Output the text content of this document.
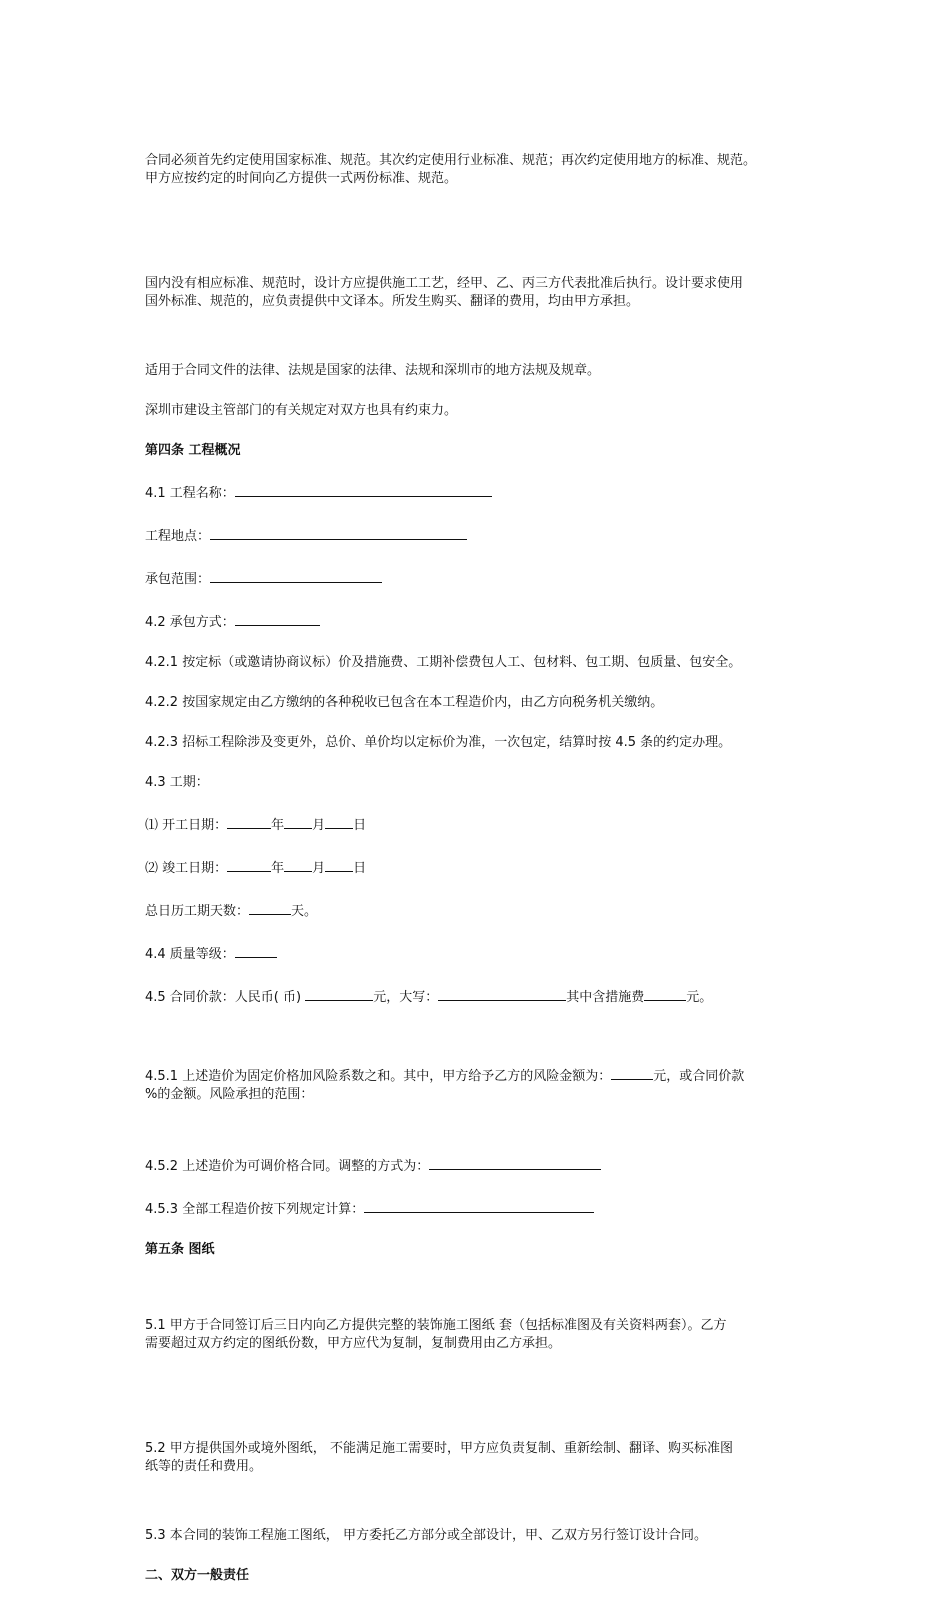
合同必须首先约定使用国家标准、规范。其次约定使用行业标准、规范；再次约定使用地方的标准、规范。
甲方应按约定的时间向乙方提供一式两份标准、规范。

国内没有相应标准、规范时，设计方应提供施工工艺，经甲、乙、丙三方代表批准后执行。设计要求使用
国外标准、规范的，应负责提供中文译本。所发生购买、翻译的费用，均由甲方承担。

适用于合同文件的法律、法规是国家的法律、法规和深圳市的地方法规及规章。

深圳市建设主管部门的有关规定对双方也具有约束力。

第四条 工程概况

4.1 工程名称：

工程地点：

承包范围：

4.2 承包方式：

4.2.1 按定标（或邀请协商议标）价及措施费、工期补偿费包人工、包材料、包工期、包质量、包安全。

4.2.2 按国家规定由乙方缴纳的各种税收已包含在本工程造价内，由乙方向税务机关缴纳。

4.2.3 招标工程除涉及变更外，总价、单价均以定标价为准，一次包定，结算时按 4.5 条的约定办理。

4.3 工期：

⑴ 开工日期：	年 月 日

⑵ 竣工日期：	年 月 日

总日历工期天数：	天。

4.4 质量等级：

4.5 合同价款：人民币( 币)	元，大写：	其中含措施费	元。

4.5.1 上述造价为固定价格加风险系数之和。其中，甲方给予乙方的风险金额为：	元，或合同价款
%的金额。风险承担的范围：

4.5.2 上述造价为可调价格合同。调整的方式为：

4.5.3 全部工程造价按下列规定计算：

第五条 图纸

5.1 甲方于合同签订后三日内向乙方提供完整的装饰施工图纸 套（包括标准图及有关资料两套）。乙方
需要超过双方约定的图纸份数，甲方应代为复制，复制费用由乙方承担。

5.2 甲方提供国外或境外图纸， 不能满足施工需要时，甲方应负责复制、重新绘制、翻译、购买标准图
纸等的责任和费用。

5.3 本合同的装饰工程施工图纸， 甲方委托乙方部分或全部设计，甲、乙双方另行签订设计合同。

二、双方一般责任
